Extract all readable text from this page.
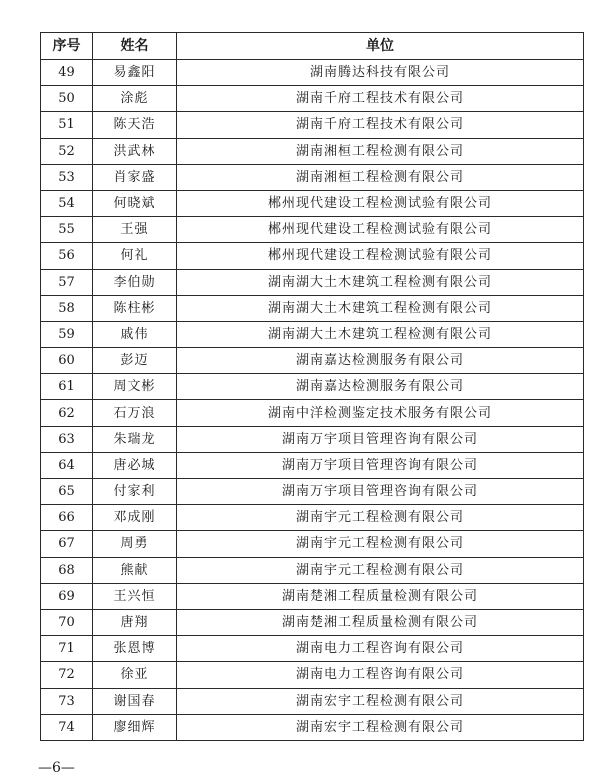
序号	姓名	单位
49	易鑫阳	湖南腾达科技有限公司
50	涂彪	湖南千府工程技术有限公司
51	陈天浩	湖南千府工程技术有限公司
52	洪武林	湖南湘桓工程检测有限公司
53	肖家盛	湖南湘桓工程检测有限公司
54	何晓斌	郴州现代建设工程检测试验有限公司
55	王强	郴州现代建设工程检测试验有限公司
56	何礼	郴州现代建设工程检测试验有限公司
57	李伯勋	湖南湖大土木建筑工程检测有限公司
58	陈柱彬	湖南湖大土木建筑工程检测有限公司
59	戚伟	湖南湖大土木建筑工程检测有限公司
60	彭迈	湖南嘉达检测服务有限公司
61	周文彬	湖南嘉达检测服务有限公司
62	石万浪	湖南中洋检测鉴定技术服务有限公司
63	朱瑞龙	湖南万宇项目管理咨询有限公司
64	唐必城	湖南万宇项目管理咨询有限公司
65	付家利	湖南万宇项目管理咨询有限公司
66	邓成刚	湖南宇元工程检测有限公司
67	周勇	湖南宇元工程检测有限公司
68	熊献	湖南宇元工程检测有限公司
69	王兴恒	湖南楚湘工程质量检测有限公司
70	唐翔	湖南楚湘工程质量检测有限公司
71	张恩博	湖南电力工程咨询有限公司
72	徐亚	湖南电力工程咨询有限公司
73	谢国春	湖南宏宇工程检测有限公司
74	廖细辉	湖南宏宇工程检测有限公司
—6—
